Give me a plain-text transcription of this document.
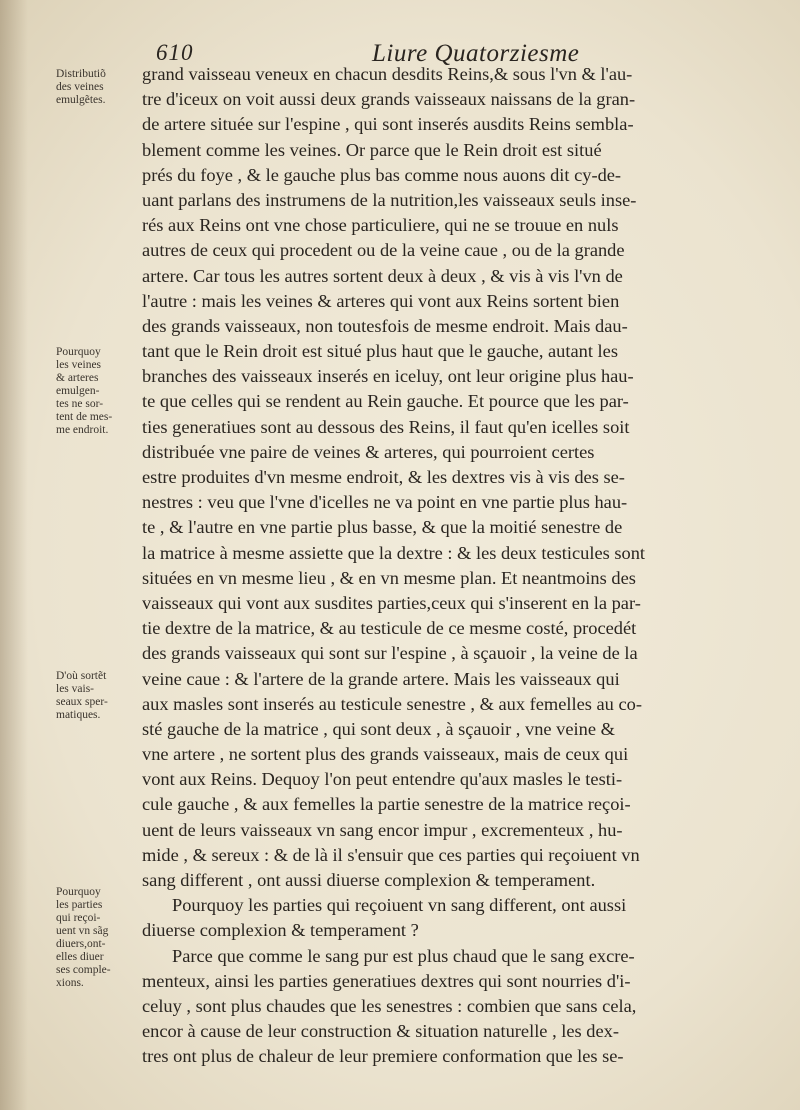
610	Liure Quatorziesme
Distributiõ
des veines
emulgẽtes.
Pourquoy
les veines
& arteres
emulgen-
tes ne sor-
tent de mes-
me endroit.
D'où sortẽt
les vais-
seaux sper-
matiques.
Pourquoy
les parties
qui reçoi-
uent vn sãg
diuers,ont-
elles diuer
ses comple-
xions.
grand vaisseau veneux en chacun desdits Reins,& sous l'vn & l'au-
tre d'iceux on voit aussi deux grands vaisseaux naissans de la gran-
de artere située sur l'espine , qui sont inserés ausdits Reins sembla-
blement comme les veines. Or parce que le Rein droit est situé
prés du foye , & le gauche plus bas comme nous auons dit cy-de-
uant parlans des instrumens de la nutrition,les vaisseaux seuls inse-
rés aux Reins ont vne chose particuliere, qui ne se trouue en nuls
autres de ceux qui procedent ou de la veine caue , ou de la grande
artere. Car tous les autres sortent deux à deux , & vis à vis l'vn de
l'autre : mais les veines & arteres qui vont aux Reins sortent bien
des grands vaisseaux, non toutesfois de mesme endroit. Mais dau-
tant que le Rein droit est situé plus haut que le gauche, autant les
branches des vaisseaux inserés en iceluy, ont leur origine plus hau-
te que celles qui se rendent au Rein gauche. Et pource que les par-
ties generatiues sont au dessous des Reins, il faut qu'en icelles soit
distribuée vne paire de veines & arteres, qui pourroient certes
estre produites d'vn mesme endroit, & les dextres vis à vis des se-
nestres : veu que l'vne d'icelles ne va point en vne partie plus hau-
te , & l'autre en vne partie plus basse, & que la moitié senestre de
la matrice à mesme assiette que la dextre : & les deux testicules sont
situées en vn mesme lieu , & en vn mesme plan. Et neantmoins des
vaisseaux qui vont aux susdites parties,ceux qui s'inserent en la par-
tie dextre de la matrice, & au testicule de ce mesme costé, procedét
des grands vaisseaux qui sont sur l'espine , à sçauoir , la veine de la
veine caue : & l'artere de la grande artere. Mais les vaisseaux qui
aux masles sont inserés au testicule senestre , & aux femelles au co-
sté gauche de la matrice , qui sont deux , à sçauoir , vne veine &
vne artere , ne sortent plus des grands vaisseaux, mais de ceux qui
vont aux Reins. Dequoy l'on peut entendre qu'aux masles le testi-
cule gauche , & aux femelles la partie senestre de la matrice reçoi-
uent de leurs vaisseaux vn sang encor impur , excrementeux , hu-
mide , & sereux : & de là il s'ensuir que ces parties qui reçoiuent vn
sang different , ont aussi diuerse complexion & temperament.
Pourquoy les parties qui reçoiuent vn sang different, ont aussi
diuerse complexion & temperament ?
Parce que comme le sang pur est plus chaud que le sang excre-
menteux, ainsi les parties generatiues dextres qui sont nourries d'i-
celuy , sont plus chaudes que les senestres : combien que sans cela,
encor à cause de leur construction & situation naturelle , les dex-
tres ont plus de chaleur de leur premiere conformation que les se-
